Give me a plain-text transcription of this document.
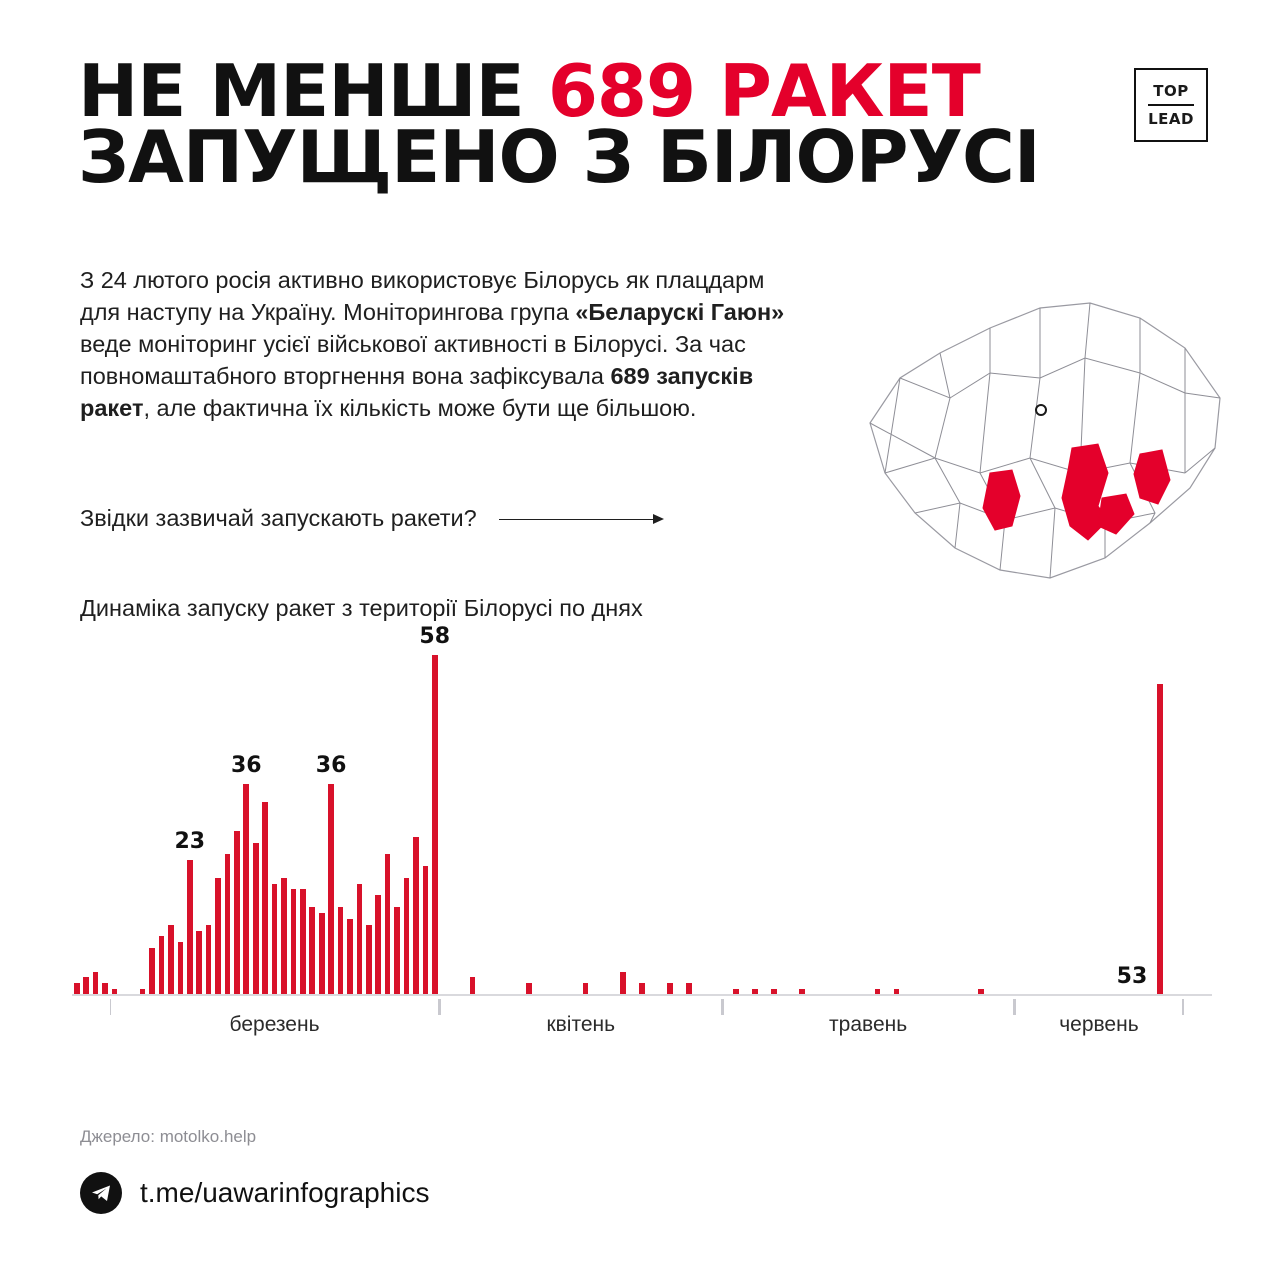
НЕ МЕНШЕ 689 РАКЕТ
ЗАПУЩЕНО З БІЛОРУСІ
TOP
LEAD
З 24 лютого росія активно використовує Білорусь як плацдарм для наступу на Україну. Моніторингова група «Беларускі Гаюн» веде моніторинг усієї військової активності в Білорусі. За час повномаштабного вторгнення вона зафіксувала 689 запусків ракет, але фактична їх кількість може бути ще більшою.
Звідки зазвичай запускають ракети?
Динаміка запуску ракет з території Білорусі по днях
23
36 36
58
53
березень	квітень	травень	червень
Джерело: motolko.help
t.me/uawarinfographics
